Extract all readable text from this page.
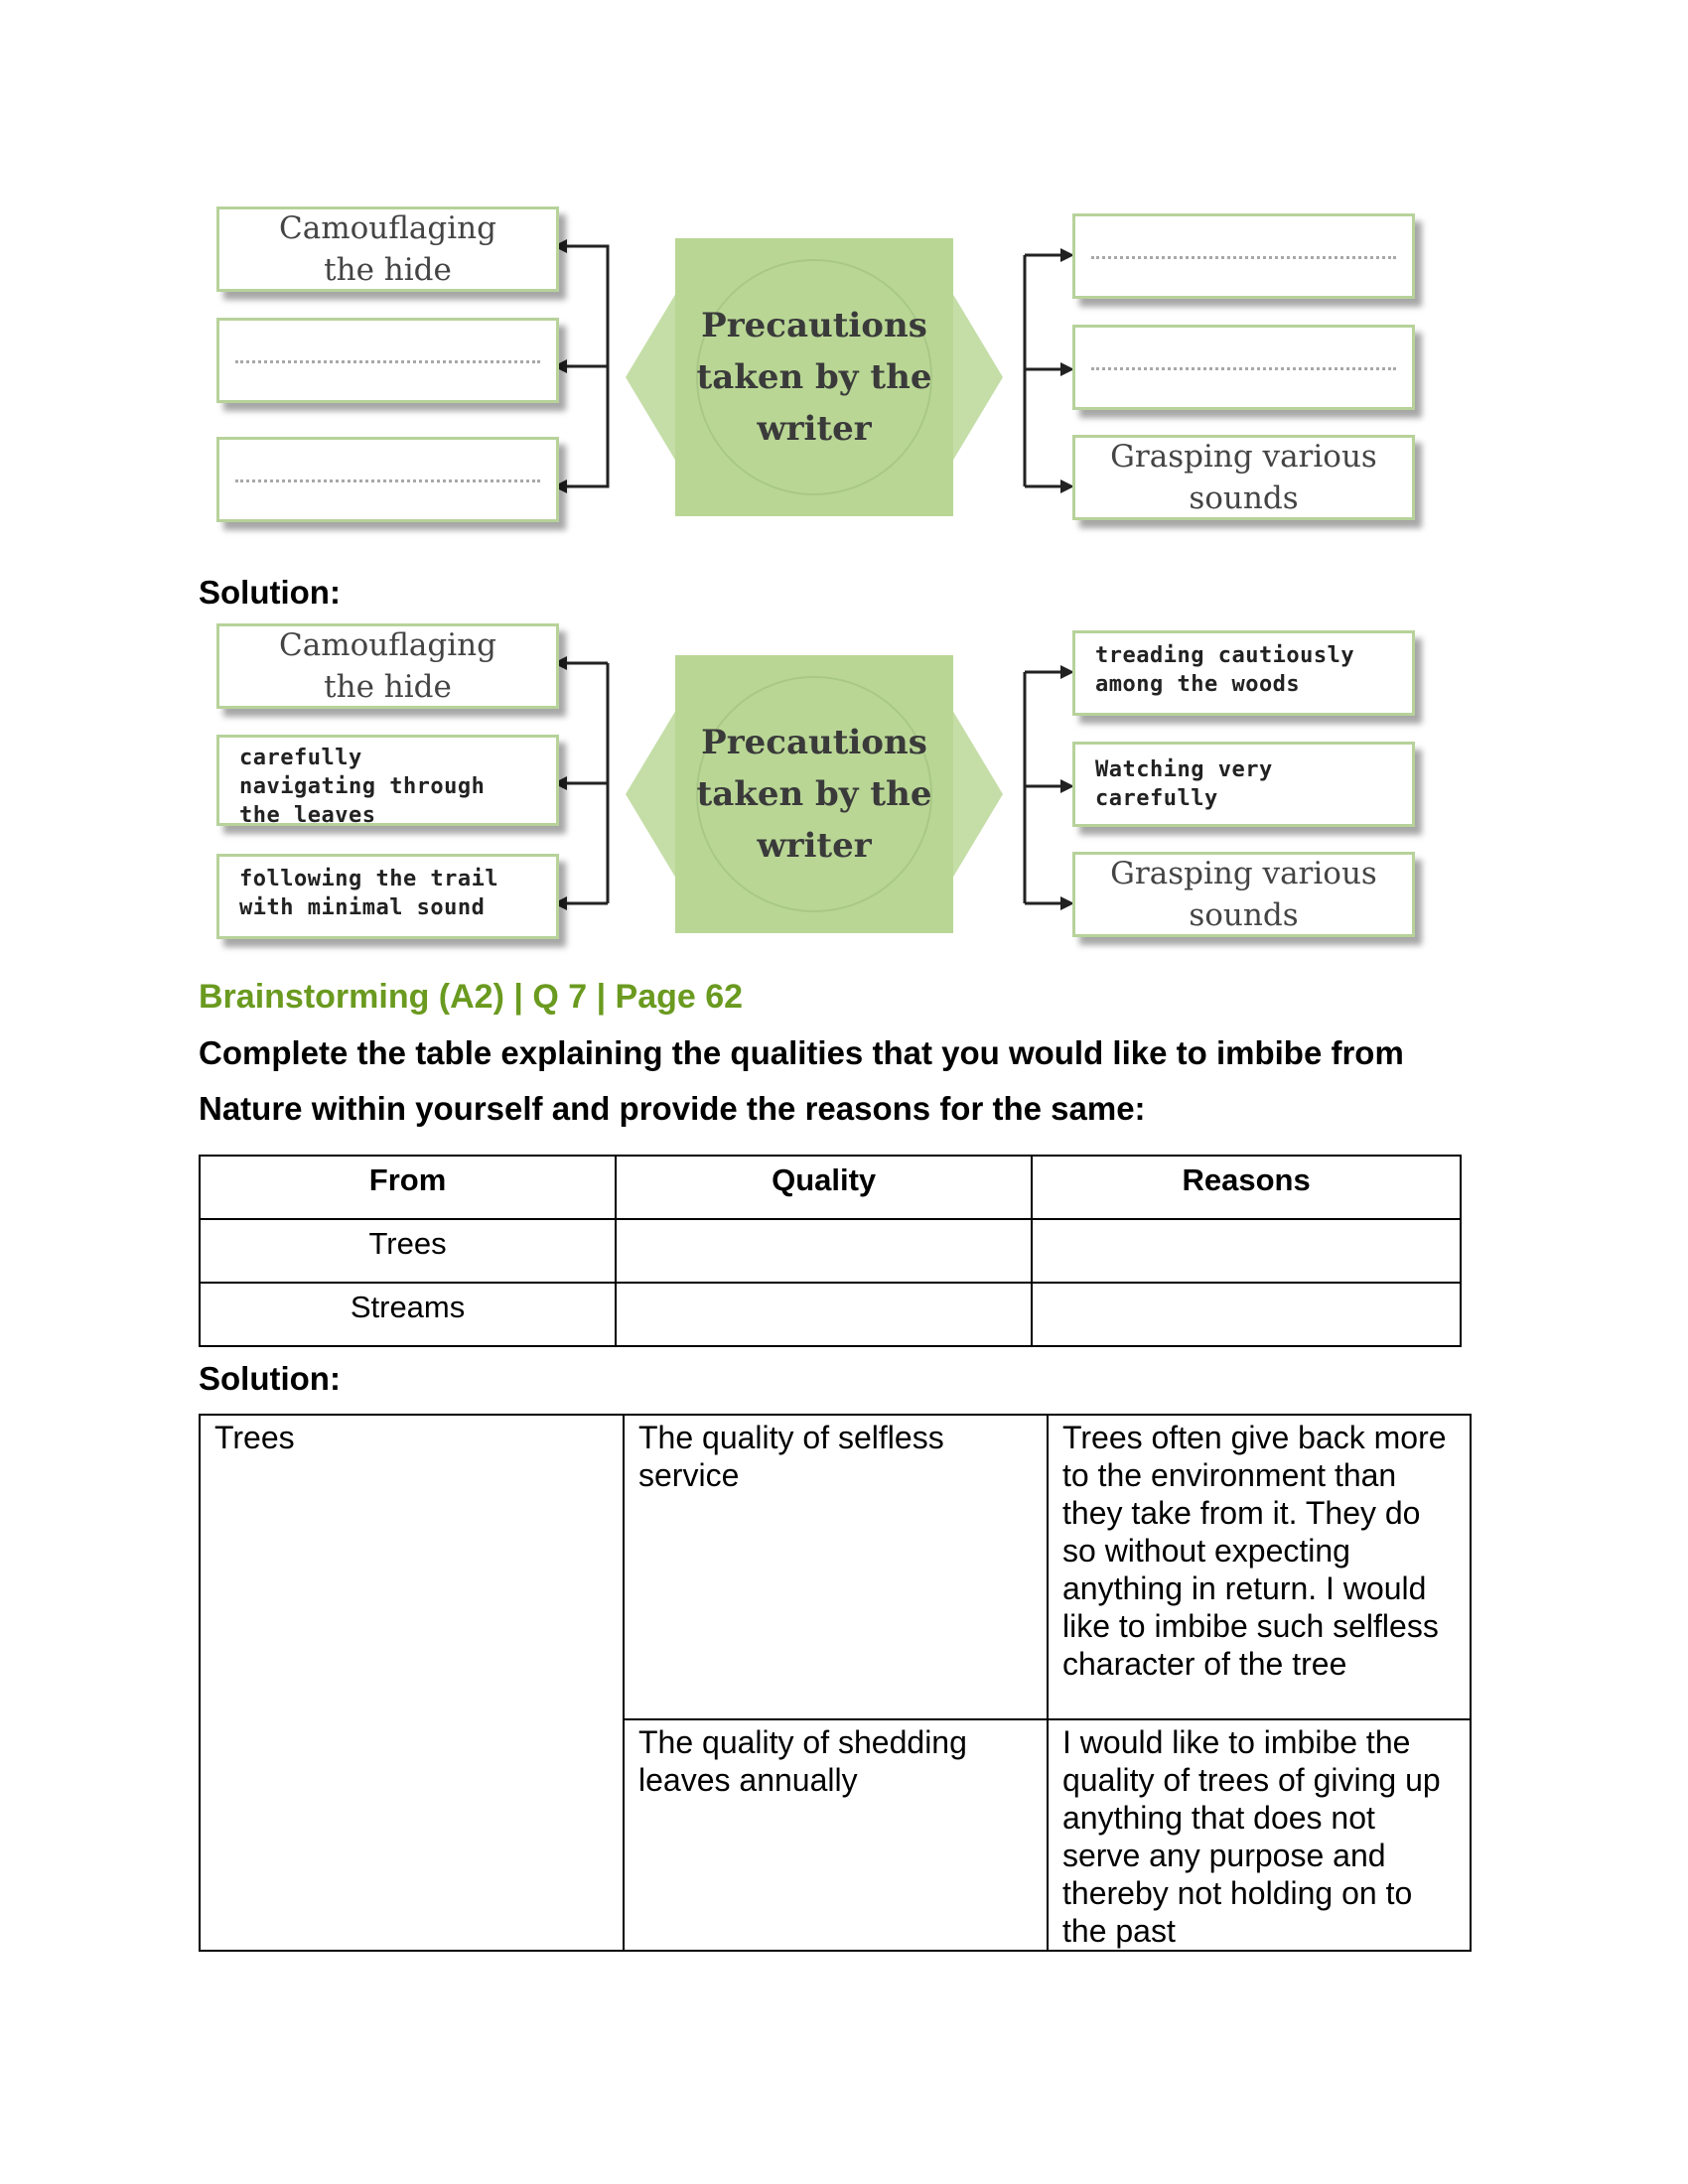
Precautions
taken by the
writer
Camouflaging
the hide
Grasping various
sounds
Solution:
Precautions
taken by the
writer
Camouflaging
the hide
carefully
navigating through
the leaves
following the trail
with minimal sound
treading cautiously
among the woods
Watching very carefully
Grasping various
sounds
Brainstorming (A2) | Q 7 | Page 62
Complete the table explaining the qualities that you would like to imbibe from Nature within yourself and provide the reasons for the same:
From	Quality	Reasons
Trees		
Streams		
Solution:
Trees	The quality of selfless service	Trees often give back more to the environment than they take from it. They do so without expecting anything in return. I would like to imbibe such selfless character of the tree
	The quality of shedding leaves annually	I would like to imbibe the quality of trees of giving up anything that does not serve any purpose and thereby not holding on to the past
